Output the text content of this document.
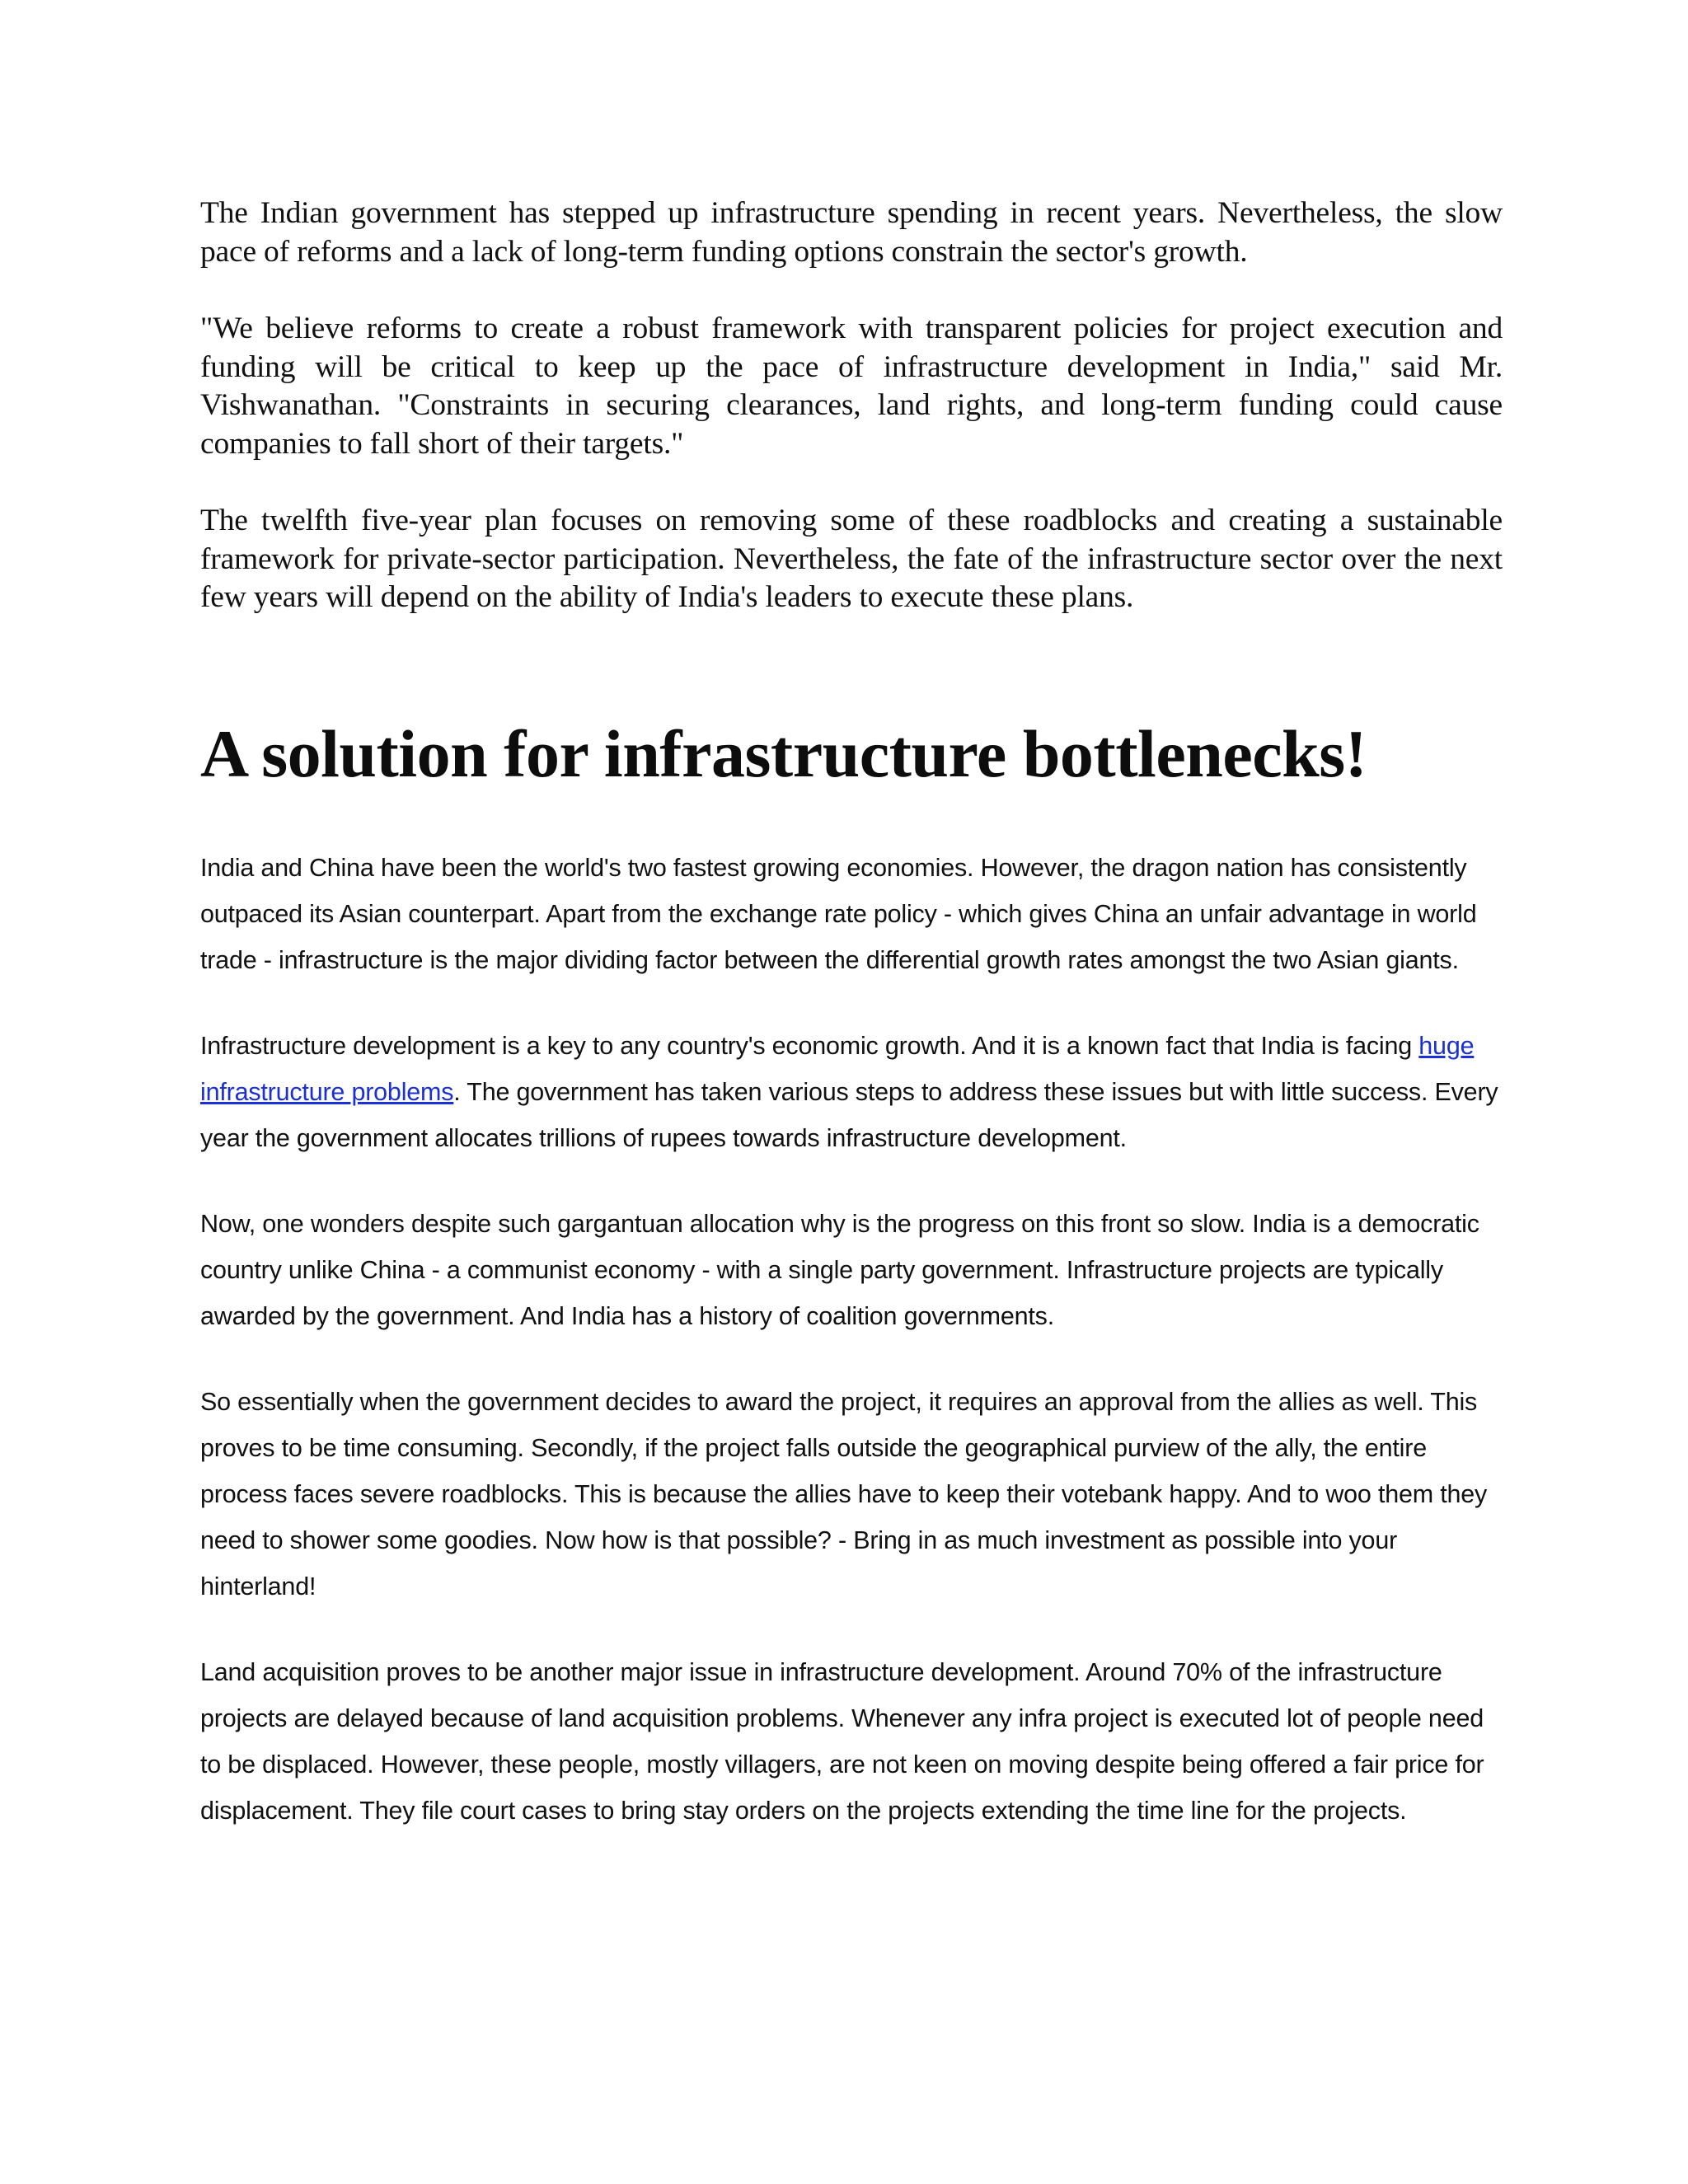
The Indian government has stepped up infrastructure spending in recent years. Nevertheless, the slow pace of reforms and a lack of long-term funding options constrain the sector's growth.

"We believe reforms to create a robust framework with transparent policies for project execution and funding will be critical to keep up the pace of infrastructure development in India," said Mr. Vishwanathan. "Constraints in securing clearances, land rights, and long-term funding could cause companies to fall short of their targets."

The twelfth five-year plan focuses on removing some of these roadblocks and creating a sustainable framework for private-sector participation. Nevertheless, the fate of the infrastructure sector over the next few years will depend on the ability of India's leaders to execute these plans.

A solution for infrastructure bottlenecks!

India and China have been the world's two fastest growing economies. However, the dragon nation has consistently outpaced its Asian counterpart. Apart from the exchange rate policy - which gives China an unfair advantage in world trade - infrastructure is the major dividing factor between the differential growth rates amongst the two Asian giants.

Infrastructure development is a key to any country's economic growth. And it is a known fact that India is facing huge infrastructure problems. The government has taken various steps to address these issues but with little success. Every year the government allocates trillions of rupees towards infrastructure development.

Now, one wonders despite such gargantuan allocation why is the progress on this front so slow. India is a democratic country unlike China - a communist economy - with a single party government. Infrastructure projects are typically awarded by the government. And India has a history of coalition governments.

So essentially when the government decides to award the project, it requires an approval from the allies as well. This proves to be time consuming. Secondly, if the project falls outside the geographical purview of the ally, the entire process faces severe roadblocks. This is because the allies have to keep their votebank happy. And to woo them they need to shower some goodies. Now how is that possible? - Bring in as much investment as possible into your hinterland!

Land acquisition proves to be another major issue in infrastructure development. Around 70% of the infrastructure projects are delayed because of land acquisition problems. Whenever any infra project is executed lot of people need to be displaced. However, these people, mostly villagers, are not keen on moving despite being offered a fair price for displacement. They file court cases to bring stay orders on the projects extending the time line for the projects.
